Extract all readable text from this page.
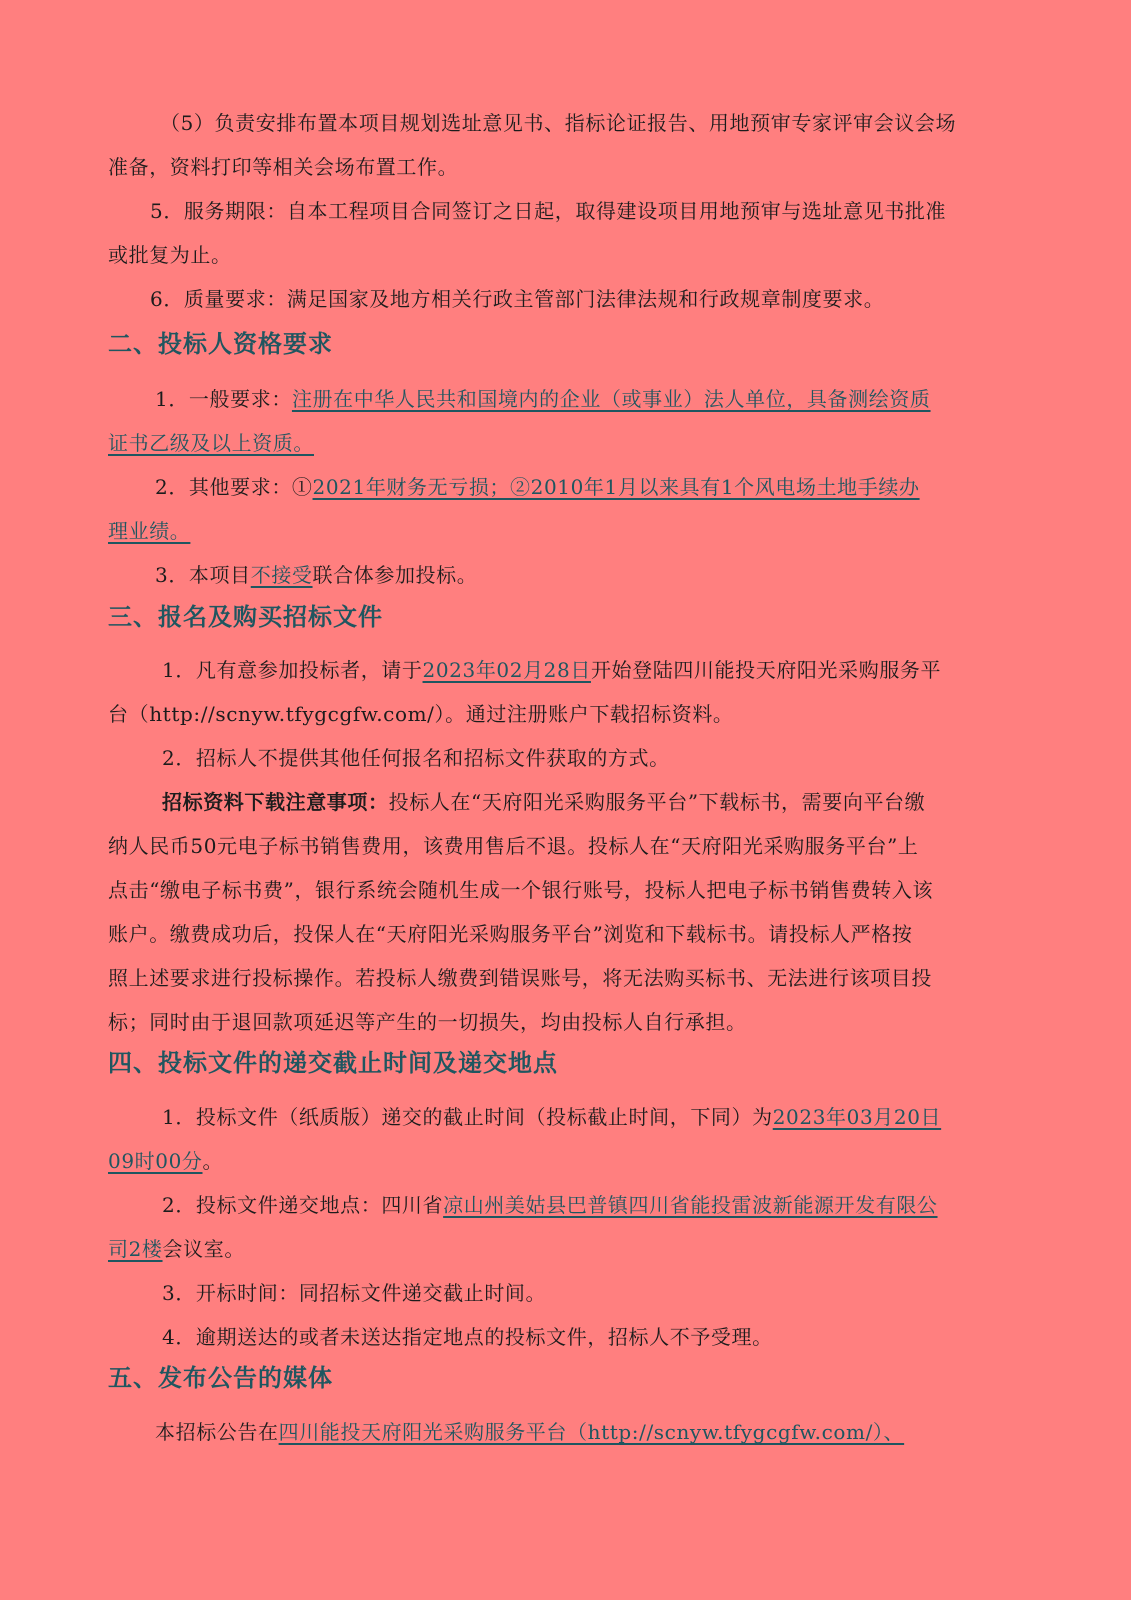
（5）负责安排布置本项目规划选址意见书、指标论证报告、用地预审专家评审会议会场

准备，资料打印等相关会场布置工作。

5．服务期限：自本工程项目合同签订之日起，取得建设项目用地预审与选址意见书批准

或批复为止。

6．质量要求：满足国家及地方相关行政主管部门法律法规和行政规章制度要求。

二、投标人资格要求

1．一般要求：注册在中华人民共和国境内的企业（或事业）法人单位，具备测绘资质

证书乙级及以上资质。

2．其他要求：①2021年财务无亏损；②2010年1月以来具有1个风电场土地手续办

理业绩。

3．本项目不接受联合体参加投标。

三、报名及购买招标文件

1．凡有意参加投标者，请于2023年02月28日开始登陆四川能投天府阳光采购服务平

台（http://scnyw.tfygcgfw.com/）。通过注册账户下载招标资料。

2．招标人不提供其他任何报名和招标文件获取的方式。

招标资料下载注意事项：投标人在“天府阳光采购服务平台”下载标书，需要向平台缴

纳人民币50元电子标书销售费用，该费用售后不退。投标人在“天府阳光采购服务平台”上

点击“缴电子标书费”，银行系统会随机生成一个银行账号，投标人把电子标书销售费转入该

账户。缴费成功后，投保人在“天府阳光采购服务平台”浏览和下载标书。请投标人严格按

照上述要求进行投标操作。若投标人缴费到错误账号，将无法购买标书、无法进行该项目投

标；同时由于退回款项延迟等产生的一切损失，均由投标人自行承担。

四、投标文件的递交截止时间及递交地点

1．投标文件（纸质版）递交的截止时间（投标截止时间，下同）为2023年03月20日

09时00分。

2．投标文件递交地点：四川省凉山州美姑县巴普镇四川省能投雷波新能源开发有限公

司2楼会议室。

3．开标时间：同招标文件递交截止时间。

4．逾期送达的或者未送达指定地点的投标文件，招标人不予受理。

五、发布公告的媒体

本招标公告在四川能投天府阳光采购服务平台（http://scnyw.tfygcgfw.com/）、
